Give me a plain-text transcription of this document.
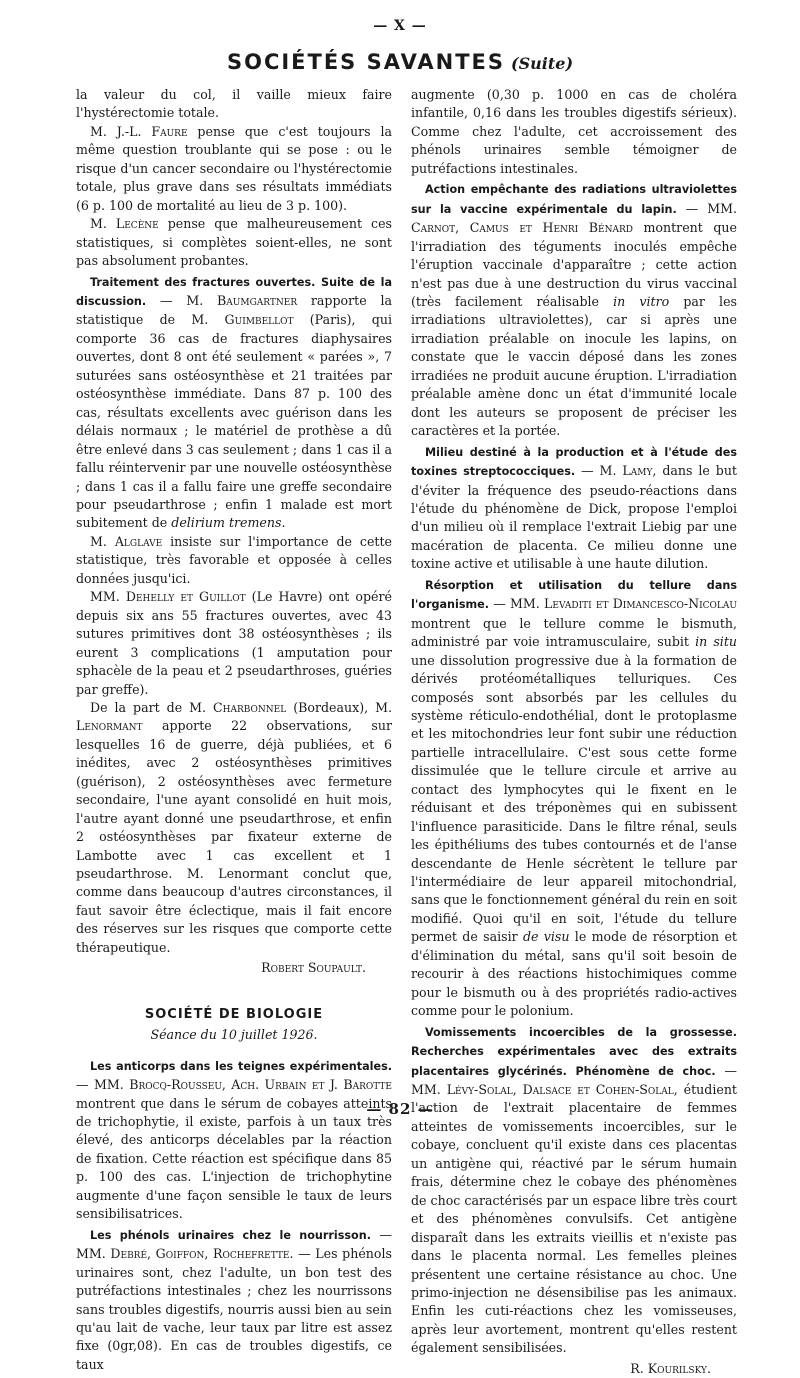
— X —
SOCIÉTÉS SAVANTES (Suite)

la valeur du col, il vaille mieux faire l'hystérectomie totale.

M. J.-L. Faure pense que c'est toujours la même question troublante qui se pose : ou le risque d'un cancer secondaire ou l'hystérectomie totale, plus grave dans ses résultats immédiats (6 p. 100 de mortalité au lieu de 3 p. 100).

M. Lecène pense que malheureusement ces statistiques, si complètes soient-elles, ne sont pas absolument probantes.

Traitement des fractures ouvertes. Suite de la discussion. — M. Baumgartner rapporte la statistique de M. Guimbellot (Paris), qui comporte 36 cas de fractures diaphysaires ouvertes, dont 8 ont été seulement « parées », 7 suturées sans ostéosynthèse et 21 traitées par ostéosynthèse immédiate. Dans 87 p. 100 des cas, résultats excellents avec guérison dans les délais normaux ; le matériel de prothèse a dû être enlevé dans 3 cas seulement ; dans 1 cas il a fallu réintervenir par une nouvelle ostéosynthèse ; dans 1 cas il a fallu faire une greffe secondaire pour pseudarthrose ; enfin 1 malade est mort subitement de delirium tremens.

M. Alglave insiste sur l'importance de cette statistique, très favorable et opposée à celles données jusqu'ici.

MM. Dehelly et Guillot (Le Havre) ont opéré depuis six ans 55 fractures ouvertes, avec 43 sutures primitives dont 38 ostéosynthèses ; ils eurent 3 complications (1 amputation pour sphacèle de la peau et 2 pseudarthroses, guéries par greffe).

De la part de M. Charbonnel (Bordeaux), M. Lenormant apporte 22 observations, sur lesquelles 16 de guerre, déjà publiées, et 6 inédites, avec 2 ostéosynthèses primitives (guérison), 2 ostéosynthèses avec fermeture secondaire, l'une ayant consolidé en huit mois, l'autre ayant donné une pseudarthrose, et enfin 2 ostéosynthèses par fixateur externe de Lambotte avec 1 cas excellent et 1 pseudarthrose. M. Lenormant conclut que, comme dans beaucoup d'autres circonstances, il faut savoir être éclectique, mais il fait encore des réserves sur les risques que comporte cette thérapeutique.

Robert Soupault.
SOCIÉTÉ DE BIOLOGIE
Séance du 10 juillet 1926.

Les anticorps dans les teignes expérimentales. — MM. Brocq-Rousseu, Ach. Urbain et J. Barotte montrent que dans le sérum de cobayes atteints de trichophytie, il existe, parfois à un taux très élevé, des anticorps décelables par la réaction de fixation. Cette réaction est spécifique dans 85 p. 100 des cas. L'injection de trichophytine augmente d'une façon sensible le taux de leurs sensibilisatrices.

Les phénols urinaires chez le nourrisson. — MM. Debré, Goiffon, Rochefrette. — Les phénols urinaires sont, chez l'adulte, un bon test des putréfactions intestinales ; chez les nourrissons sans troubles digestifs, nourris aussi bien au sein qu'au lait de vache, leur taux par litre est assez fixe (0gr,08). En cas de troubles digestifs, ce taux

augmente (0,30 p. 1000 en cas de choléra infantile, 0,16 dans les troubles digestifs sérieux). Comme chez l'adulte, cet accroissement des phénols urinaires semble témoigner de putréfactions intestinales.

Action empêchante des radiations ultraviolettes sur la vaccine expérimentale du lapin. — MM. Carnot, Camus et Henri Bénard montrent que l'irradiation des téguments inoculés empêche l'éruption vaccinale d'apparaître ; cette action n'est pas due à une destruction du virus vaccinal (très facilement réalisable in vitro par les irradiations ultraviolettes), car si après une irradiation préalable on inocule les lapins, on constate que le vaccin déposé dans les zones irradiées ne produit aucune éruption. L'irradiation préalable amène donc un état d'immunité locale dont les auteurs se proposent de préciser les caractères et la portée.

Milieu destiné à la production et à l'étude des toxines streptococciques. — M. Lamy, dans le but d'éviter la fréquence des pseudo-réactions dans l'étude du phénomène de Dick, propose l'emploi d'un milieu où il remplace l'extrait Liebig par une macération de placenta. Ce milieu donne une toxine active et utilisable à une haute dilution.

Résorption et utilisation du tellure dans l'organisme. — MM. Levaditi et Dimancesco-Nicolau montrent que le tellure comme le bismuth, administré par voie intramusculaire, subit in situ une dissolution progressive due à la formation de dérivés protéométalliques telluriques. Ces composés sont absorbés par les cellules du système réticulo-endothélial, dont le protoplasme et les mitochondries leur font subir une réduction partielle intracellulaire. C'est sous cette forme dissimulée que le tellure circule et arrive au contact des lymphocytes qui le fixent en le réduisant et des tréponèmes qui en subissent l'influence parasiticide. Dans le filtre rénal, seuls les épithéliums des tubes contournés et de l'anse descendante de Henle sécrètent le tellure par l'intermédiaire de leur appareil mitochondrial, sans que le fonctionnement général du rein en soit modifié. Quoi qu'il en soit, l'étude du tellure permet de saisir de visu le mode de résorption et d'élimination du métal, sans qu'il soit besoin de recourir à des réactions histochimiques comme pour le bismuth ou à des propriétés radio-actives comme pour le polonium.

Vomissements incoercibles de la grossesse. Recherches expérimentales avec des extraits placentaires glycérinés. Phénomène de choc. — MM. Lévy-Solal, Dalsace et Cohen-Solal, étudient l'action de l'extrait placentaire de femmes atteintes de vomissements incoercibles, sur le cobaye, concluent qu'il existe dans ces placentas un antigène qui, réactivé par le sérum humain frais, détermine chez le cobaye des phénomènes de choc caractérisés par un espace libre très court et des phénomènes convulsifs. Cet antigène disparaît dans les extraits vieillis et n'existe pas dans le placenta normal. Les femelles pleines présentent une certaine résistance au choc. Une primo-injection ne désensibilise pas les animaux. Enfin les cuti-réactions chez les vomisseuses, après leur avortement, montrent qu'elles restent également sensibilisées.

R. Kourilsky.
— 82 —
